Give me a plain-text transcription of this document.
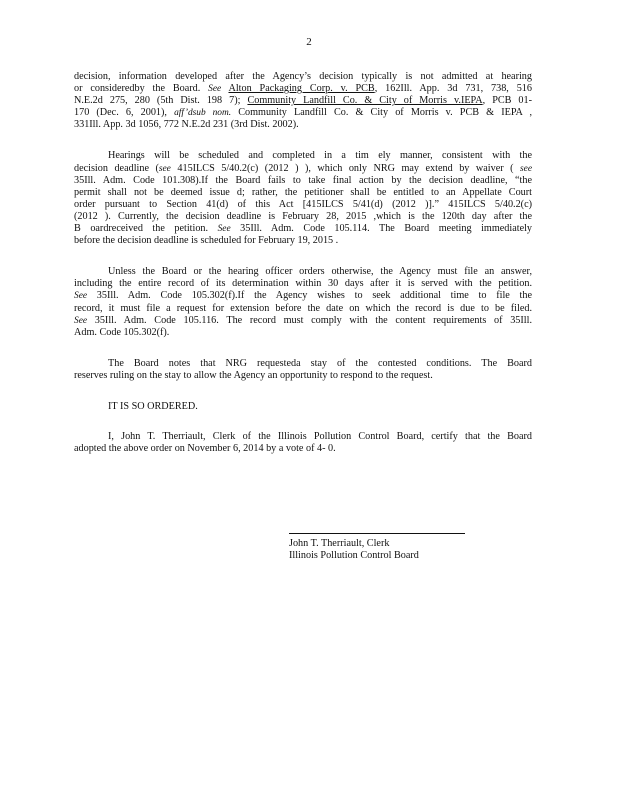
2
decision, information developed after the Agency’s decision typically is not admitted at hearing
or consideredby the Board. See Alton Packaging Corp. v. PCB, 162Ill. App. 3d 731, 738, 516
N.E.2d 275, 280 (5th Dist. 198 7); Community Landfill Co. & City of Morris v.IEPA, PCB 01-
170 (Dec. 6, 2001), aff’dsub nom. Community Landfill Co. & City of Morris v. PCB & IEPA ,
331Ill. App. 3d 1056, 772 N.E.2d 231 (3rd Dist. 2002).
Hearings will be scheduled and completed in a tim ely manner, consistent with the
decision deadline (see 415ILCS 5/40.2(c) (2012 ) ), which only NRG may extend by waiver ( see
35Ill. Adm. Code 101.308).If the Board fails to take final action by the decision deadline, “the
permit shall not be deemed issue d; rather, the petitioner shall be entitled to an Appellate Court
order pursuant to Section 41(d) of this Act [415ILCS 5/41(d) (2012 )].” 415ILCS 5/40.2(c)
(2012 ). Currently, the decision deadline is February 28, 2015 ,which is the 120th day after the
B oardreceived the petition. See 35Ill. Adm. Code 105.114. The Board meeting immediately
before the decision deadline is scheduled for February 19, 2015 .
Unless the Board or the hearing officer orders otherwise, the Agency must file an answer,
including the entire record of its determination within 30 days after it is served with the petition.
See 35Ill. Adm. Code 105.302(f).If the Agency wishes to seek additional time to file the
record, it must file a request for extension before the date on which the record is due to be filed.
See 35Ill. Adm. Code 105.116. The record must comply with the content requirements of 35Ill.
Adm. Code 105.302(f).
The Board notes that NRG requesteda stay of the contested conditions. The Board
reserves ruling on the stay to allow the Agency an opportunity to respond to the request.
IT IS SO ORDERED.
I, John T. Therriault, Clerk of the Illinois Pollution Control Board, certify that the Board
adopted the above order on November 6, 2014 by a vote of 4- 0.
John T. Therriault, Clerk
Illinois Pollution Control Board
